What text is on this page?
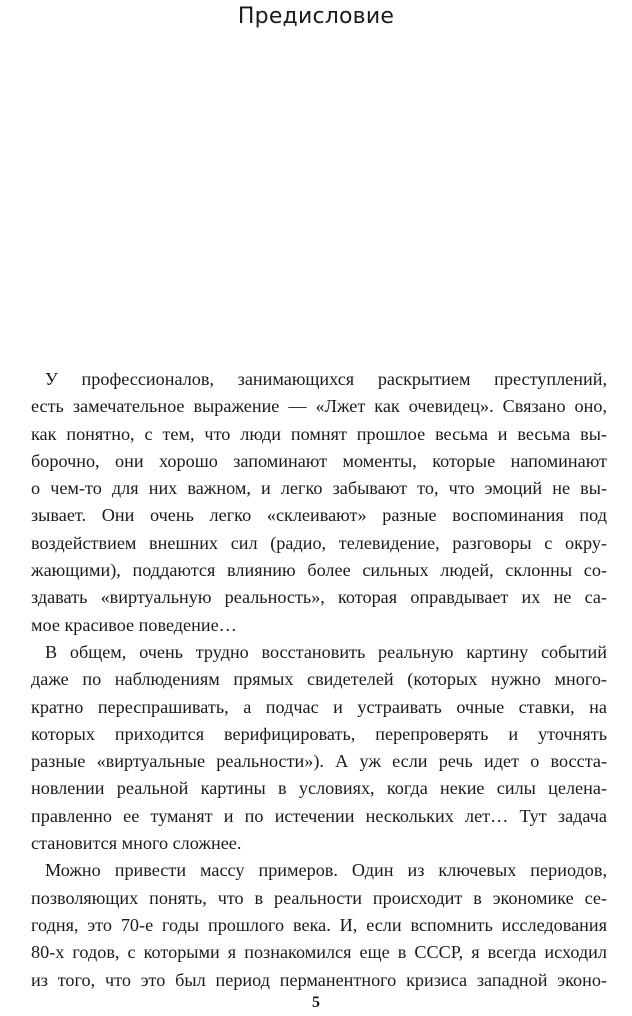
Предисловие
У профессионалов, занимающихся раскрытием преступлений,
есть замечательное выражение — «Лжет как очевидец». Связано оно,
как понятно, с тем, что люди помнят прошлое весьма и весьма вы-
борочно, они хорошо запоминают моменты, которые напоминают
о чем-то для них важном, и легко забывают то, что эмоций не вы-
зывает. Они очень легко «склеивают» разные воспоминания под
воздействием внешних сил (радио, телевидение, разговоры с окру-
жающими), поддаются влиянию более сильных людей, склонны со-
здавать «виртуальную реальность», которая оправдывает их не са-
мое красивое поведение…
В общем, очень трудно восстановить реальную картину событий
даже по наблюдениям прямых свидетелей (которых нужно много-
кратно переспрашивать, а подчас и устраивать очные ставки, на
которых приходится верифицировать, перепроверять и уточнять
разные «виртуальные реальности»). А уж если речь идет о восста-
новлении реальной картины в условиях, когда некие силы целена-
правленно ее туманят и по истечении нескольких лет… Тут задача
становится много сложнее.
Можно привести массу примеров. Один из ключевых периодов,
позволяющих понять, что в реальности происходит в экономике се-
годня, это 70-е годы прошлого века. И, если вспомнить исследования
80-х годов, с которыми я познакомился еще в СССР, я всегда исходил
из того, что это был период перманентного кризиса западной эконо-
5
